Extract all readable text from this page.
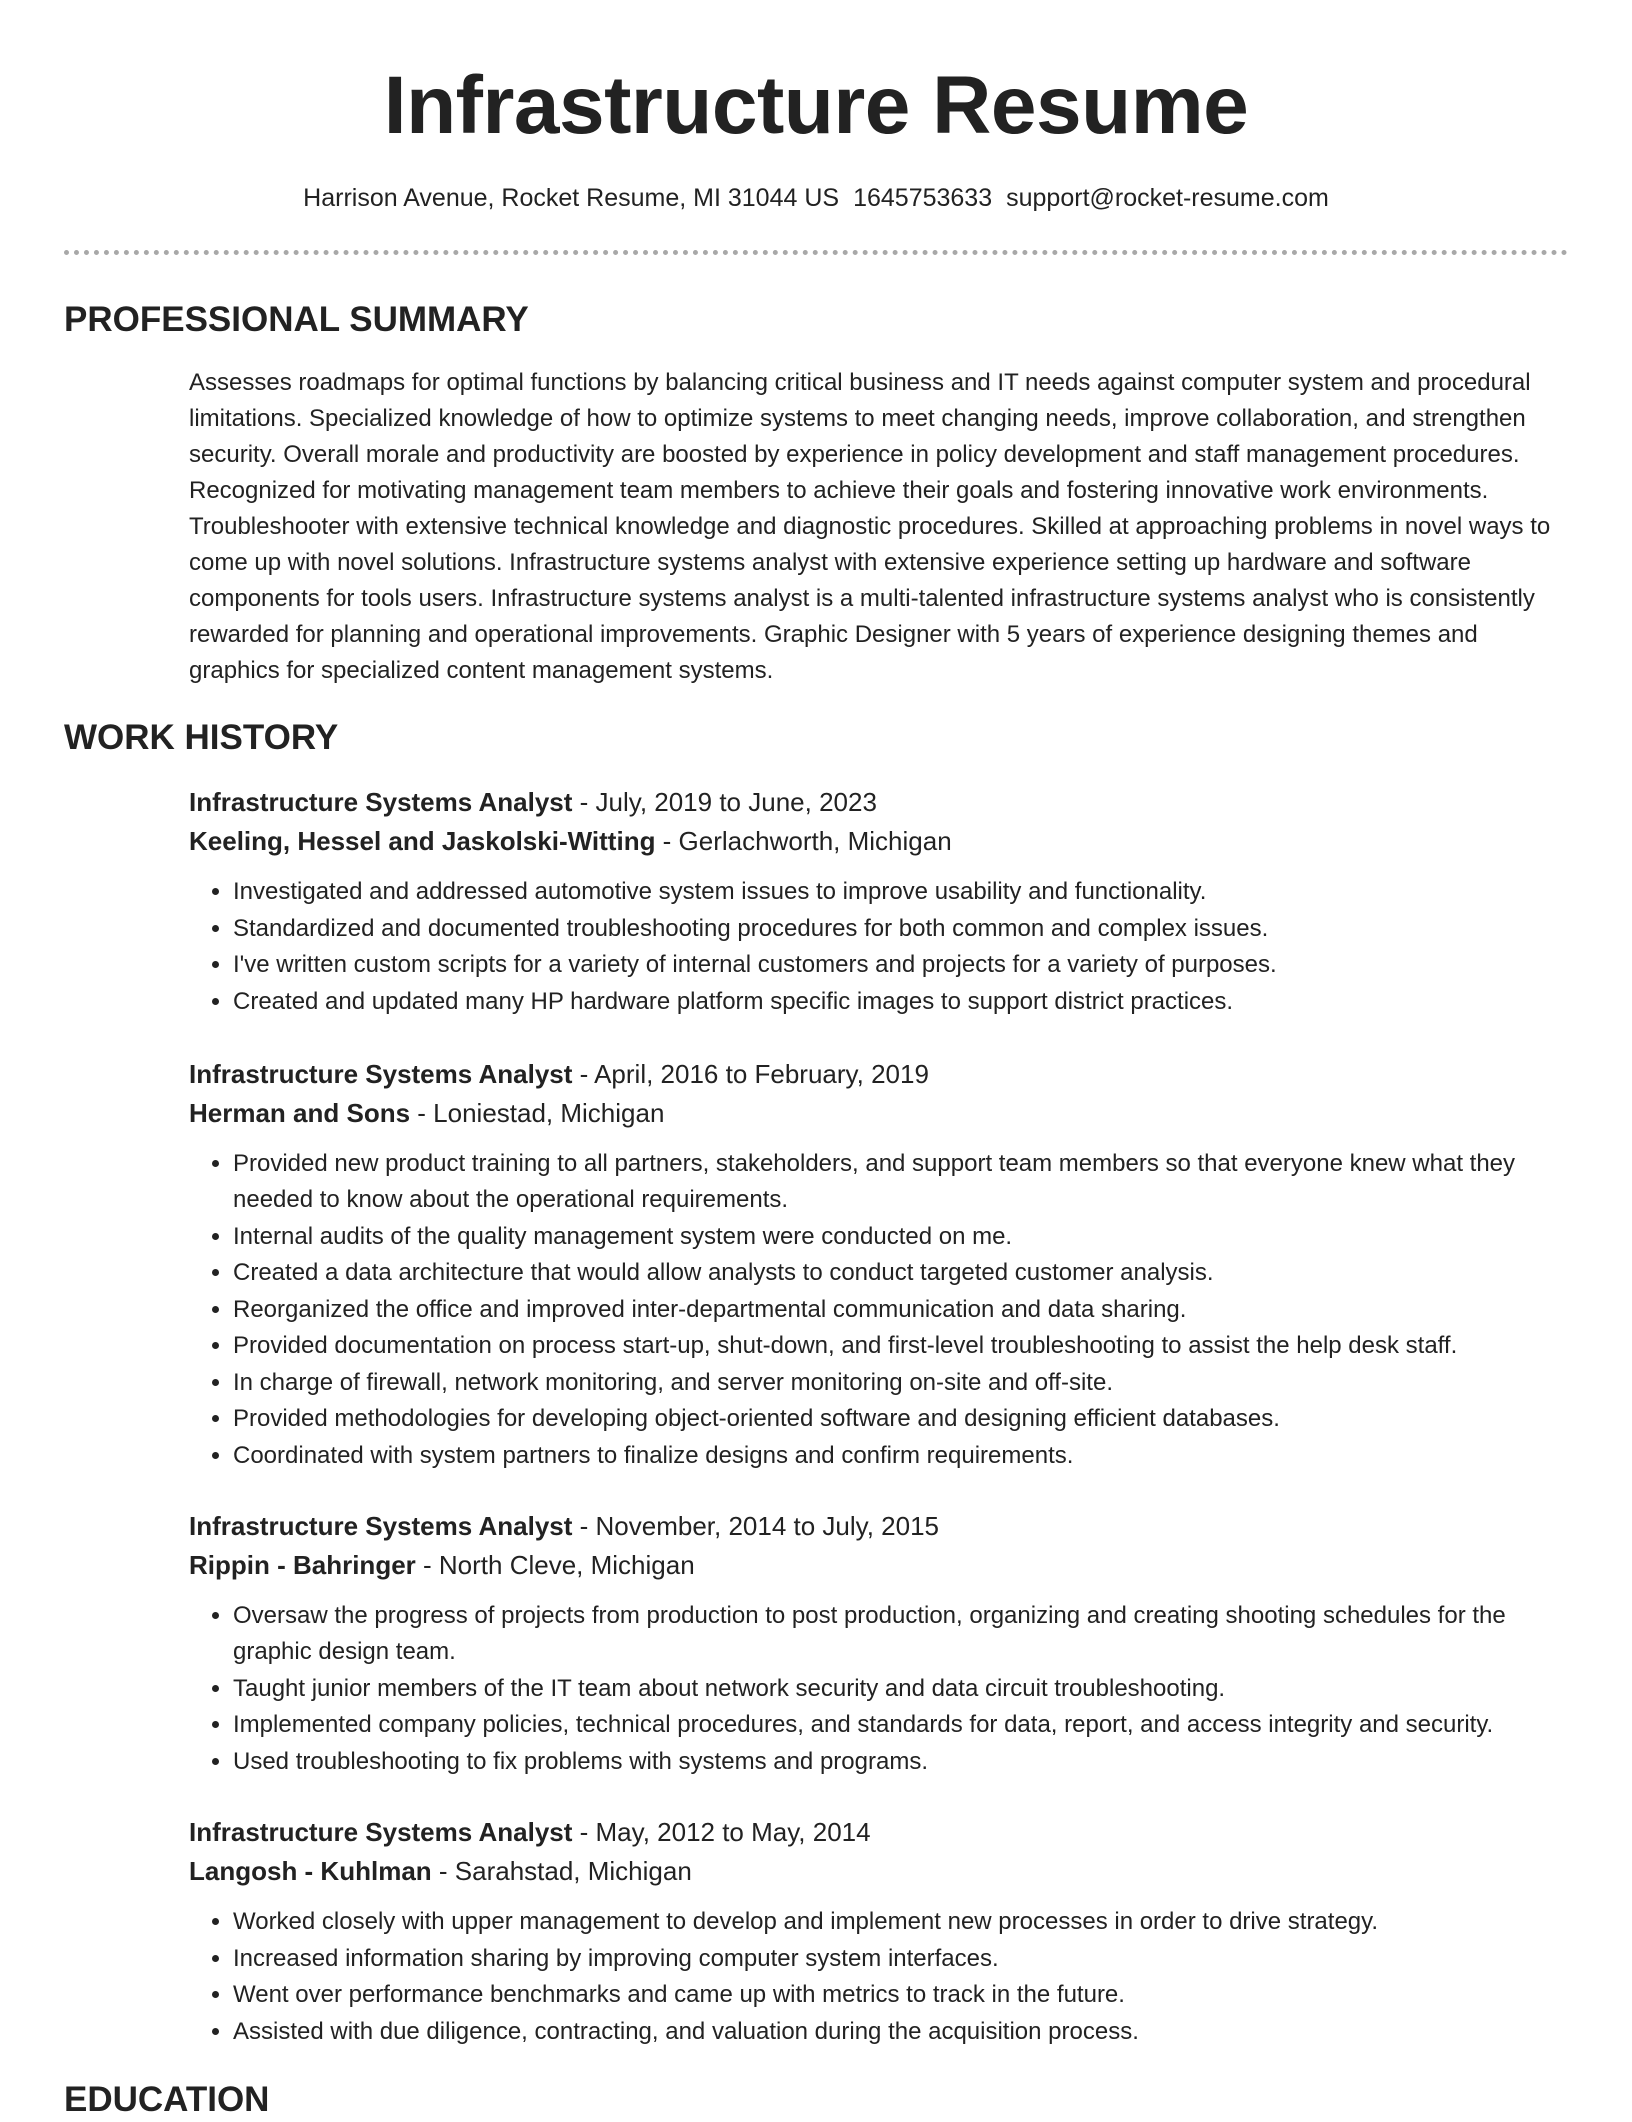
Infrastructure Resume
Harrison Avenue, Rocket Resume, MI 31044 US 1645753633 support@rocket-resume.com
PROFESSIONAL SUMMARY

Assesses roadmaps for optimal functions by balancing critical business and IT needs against computer system and procedural limitations. Specialized knowledge of how to optimize systems to meet changing needs, improve collaboration, and strengthen security. Overall morale and productivity are boosted by experience in policy development and staff management procedures. Recognized for motivating management team members to achieve their goals and fostering innovative work environments. Troubleshooter with extensive technical knowledge and diagnostic procedures. Skilled at approaching problems in novel ways to come up with novel solutions. Infrastructure systems analyst with extensive experience setting up hardware and software components for tools users. Infrastructure systems analyst is a multi-talented infrastructure systems analyst who is consistently rewarded for planning and operational improvements. Graphic Designer with 5 years of experience designing themes and graphics for specialized content management systems.

WORK HISTORY

Infrastructure Systems Analyst - July, 2019 to June, 2023

Keeling, Hessel and Jaskolski-Witting - Gerlachworth, Michigan

• Investigated and addressed automotive system issues to improve usability and functionality.
• Standardized and documented troubleshooting procedures for both common and complex issues.
• I've written custom scripts for a variety of internal customers and projects for a variety of purposes.
• Created and updated many HP hardware platform specific images to support district practices.

Infrastructure Systems Analyst - April, 2016 to February, 2019

Herman and Sons - Loniestad, Michigan

• Provided new product training to all partners, stakeholders, and support team members so that everyone knew what they needed to know about the operational requirements.
• Internal audits of the quality management system were conducted on me.
• Created a data architecture that would allow analysts to conduct targeted customer analysis.
• Reorganized the office and improved inter-departmental communication and data sharing.
• Provided documentation on process start-up, shut-down, and first-level troubleshooting to assist the help desk staff.
• In charge of firewall, network monitoring, and server monitoring on-site and off-site.
• Provided methodologies for developing object-oriented software and designing efficient databases.
• Coordinated with system partners to finalize designs and confirm requirements.

Infrastructure Systems Analyst - November, 2014 to July, 2015

Rippin - Bahringer - North Cleve, Michigan

• Oversaw the progress of projects from production to post production, organizing and creating shooting schedules for the graphic design team.
• Taught junior members of the IT team about network security and data circuit troubleshooting.
• Implemented company policies, technical procedures, and standards for data, report, and access integrity and security.
• Used troubleshooting to fix problems with systems and programs.

Infrastructure Systems Analyst - May, 2012 to May, 2014

Langosh - Kuhlman - Sarahstad, Michigan

• Worked closely with upper management to develop and implement new processes in order to drive strategy.
• Increased information sharing by improving computer system interfaces.
• Went over performance benchmarks and came up with metrics to track in the future.
• Assisted with due diligence, contracting, and valuation during the acquisition process.
EDUCATION
